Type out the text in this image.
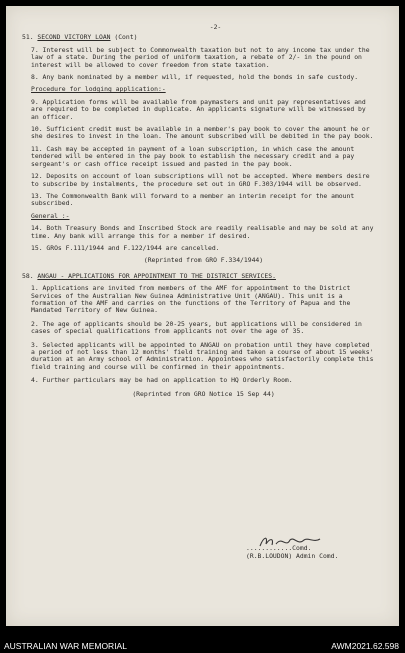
-2-
51. SECOND VICTORY LOAN (Cont)

7. Interest will be subject to Commonwealth taxation but not to any income tax under the law of a state. During the period of uniform taxation, a rebate of 2/- in the pound on interest will be allowed to cover freedom from state taxation.

8. Any bank nominated by a member will, if requested, hold the bonds in safe custody.

Procedure for lodging application:-

9. Application forms will be available from paymasters and unit pay representatives and are required to be completed in duplicate. An applicants signature will be witnessed by an officer.

10. Sufficient credit must be available in a member's pay book to cover the amount he or she desires to invest in the loan. The amount subscribed will be debited in the pay book.

11. Cash may be accepted in payment of a loan subscription, in which case the amount tendered will be entered in the pay book to establish the necessary credit and a pay sergeant's or cash office receipt issued and pasted in the pay book.

12. Deposits on account of loan subscriptions will not be accepted. Where members desire to subscribe by instalments, the procedure set out in GRO F.303/1944 will be observed.

13. The Commonwealth Bank will forward to a member an interim receipt for the amount subscribed.

General :-

14. Both Treasury Bonds and Inscribed Stock are readily realisable and may be sold at any time. Any bank will arrange this for a member if desired.

15. GROs F.111/1944 and F.122/1944 are cancelled.

(Reprinted from GRO F.334/1944)
58. ANGAU - APPLICATIONS FOR APPOINTMENT TO THE DISTRICT SERVICES.

1. Applications are invited from members of the AMF for appointment to the District Services of the Australian New Guinea Administrative Unit (ANGAU). This unit is a formation of the AMF and carries on the functions of the Territory of Papua and the Mandated Territory of New Guinea.

2. The age of applicants should be 20-25 years, but applications will be considered in cases of special qualifications from applicants not over the age of 35.

3. Selected applicants will be appointed to ANGAU on probation until they have completed a period of not less than 12 months' field training and taken a course of about 15 weeks' duration at an Army school of Administration. Appointees who satisfactorily complete this field training and course will be confirmed in their appointments.

4. Further particulars may be had on application to HQ Orderly Room.

(Reprinted from GRO Notice 15 Sep 44)
............Comd.
(R.B.LOUDON) Admin Comd.
AUSTRALIAN WAR MEMORIAL	AWM2021.62.598
